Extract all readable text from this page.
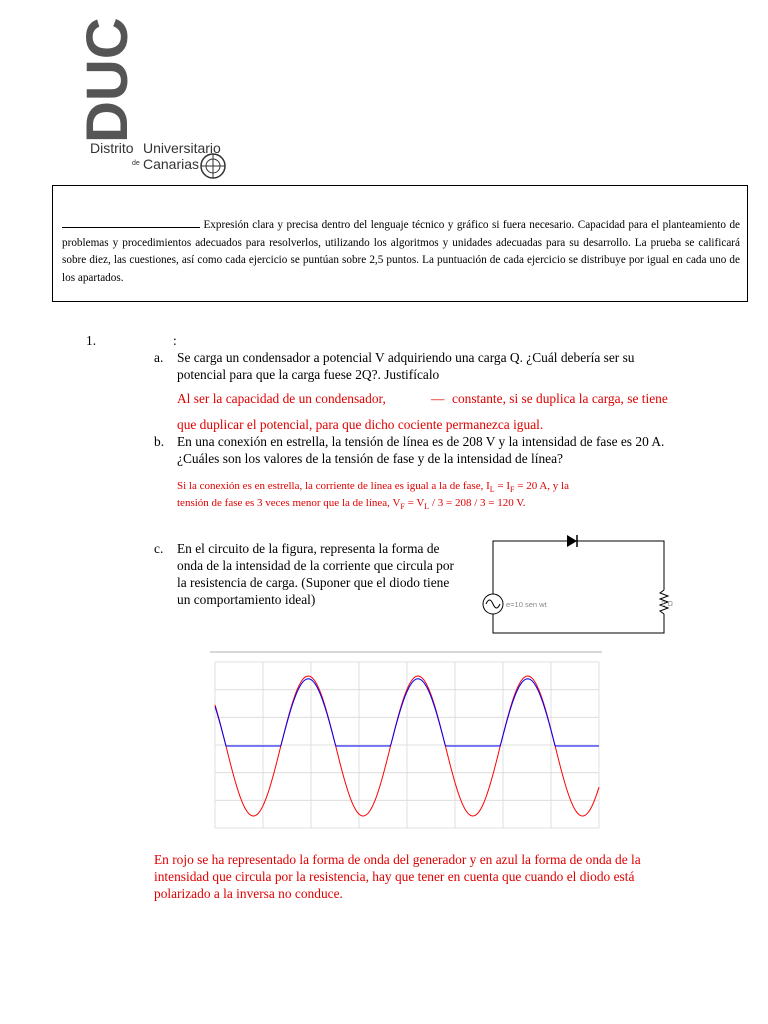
DUC
Distrito Universitario
de Canarias
Expresión clara y precisa dentro del lenguaje técnico y gráfico si fuera necesario. Capacidad para el planteamiento de problemas y procedimientos adecuados para resolverlos, utilizando los algoritmos y unidades adecuadas para su desarrollo. La prueba se calificará sobre diez, las cuestiones, así como cada ejercicio se puntúan sobre 2,5 puntos. La puntuación de cada ejercicio se distribuye por igual en cada uno de los apartados.
1.	:
a. Se carga un condensador a potencial V adquiriendo una carga Q. ¿Cuál debería ser su potencial para que la carga fuese 2Q?. Justifícalo
Al ser la capacidad de un condensador,	— constante, si se duplica la carga, se tiene
que duplicar el potencial, para que dicho cociente permanezca igual.
b. En una conexión en estrella, la tensión de línea es de 208 V y la intensidad de fase es 20 A. ¿Cuáles son los valores de la tensión de fase y de la intensidad de línea?
Si la conexión es en estrella, la corriente de línea es igual a la de fase, $I_L = I_F = 20$ A, y la
tensión de fase es 3 veces menor que la de línea, $V_F = V_L / 3 = 208 / 3 = 120$ V.
c. En el circuito de la figura, representa la forma de onda de la intensidad de la corriente que circula por la resistencia de carga. (Suponer que el diodo tiene un comportamiento ideal)	e=10 sen wt	2 Ω
En rojo se ha representado la forma de onda del generador y en azul la forma de onda de la intensidad que circula por la resistencia, hay que tener en cuenta que cuando el diodo está polarizado a la inversa no conduce.
